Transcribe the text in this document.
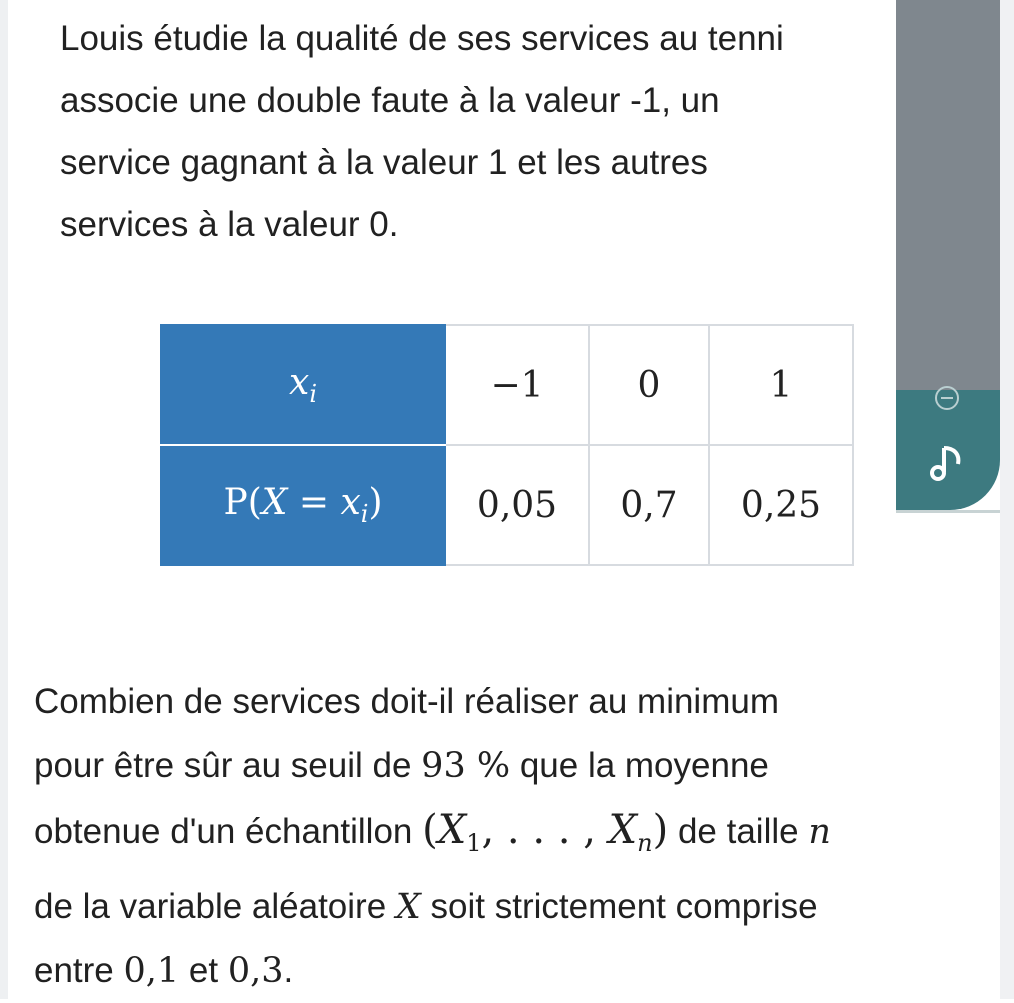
Louis étudie la qualité de ses services au tenni
associe une double faute à la valeur -1, un
service gagnant à la valeur 1 et les autres
services à la valeur 0.
$x_i$	−1	0	1
$P(X = x_i)$	0,05	0,7	0,25
Combien de services doit-il réaliser au minimum
pour être sûr au seuil de 93 % que la moyenne
obtenue d'un échantillon ($X_1$, . . . , $X_n$) de taille n
de la variable aléatoire X soit strictement comprise
entre 0,1 et 0,3.
